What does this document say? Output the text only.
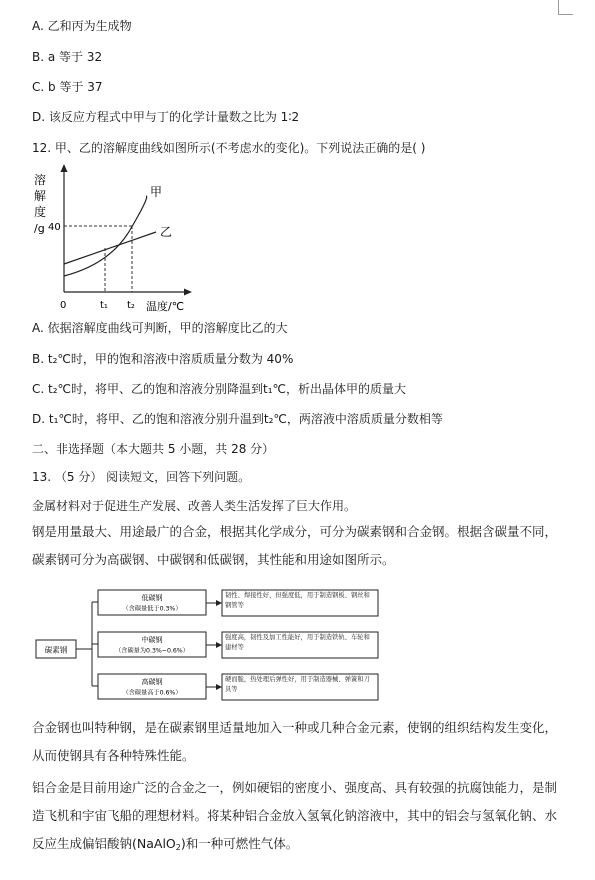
A. 乙和丙为生成物
B. a 等于 32
C. b 等于 37
D. 该反应方程式中甲与丁的化学计量数之比为 1∶2
12. 甲、乙的溶解度曲线如图所示(不考虑水的变化)。下列说法正确的是( )
溶
解
度
/g 40
甲
乙
0	t₁ t₂ 温度/℃
A. 依据溶解度曲线可判断，甲的溶解度比乙的大
B. t₂℃时，甲的饱和溶液中溶质质量分数为 40%
C. t₂℃时，将甲、乙的饱和溶液分别降温到t₁℃，析出晶体甲的质量大
D. t₁℃时，将甲、乙的饱和溶液分别升温到t₂℃，两溶液中溶质质量分数相等
二、非选择题（本大题共 5 小题，共 28 分）
13. （5 分） 阅读短文，回答下列问题。
金属材料对于促进生产发展、改善人类生活发挥了巨大作用。
钢是用量最大、用途最广的合金，根据其化学成分，可分为碳素钢和合金钢。根据含碳量不同，碳素钢可分为高碳钢、中碳钢和低碳钢，其性能和用途如图所示。
碳素钢
低碳钢
（含碳量低于0.3%）
韧性、焊接性好，但强度低，用于制造钢板、钢丝和钢管等
中碳钢
（含碳量为0.3%~0.6%）
强度高，韧性及加工性能好，用于制造铁轨、车轮和建材等
高碳钢
（含碳量高于0.6%）
硬而脆，热处理后弹性好，用于制造器械、弹簧和刀具等
合金钢也叫特种钢，是在碳素钢里适量地加入一种或几种合金元素，使钢的组织结构发生变化，从而使钢具有各种特殊性能。
铝合金是目前用途广泛的合金之一，例如硬铝的密度小、强度高、具有较强的抗腐蚀能力，是制造飞机和宇宙飞船的理想材料。将某种铝合金放入氢氧化钠溶液中，其中的铝会与氢氧化钠、水反应生成偏铝酸钠(NaAlO$_2$)和一种可燃性气体。
